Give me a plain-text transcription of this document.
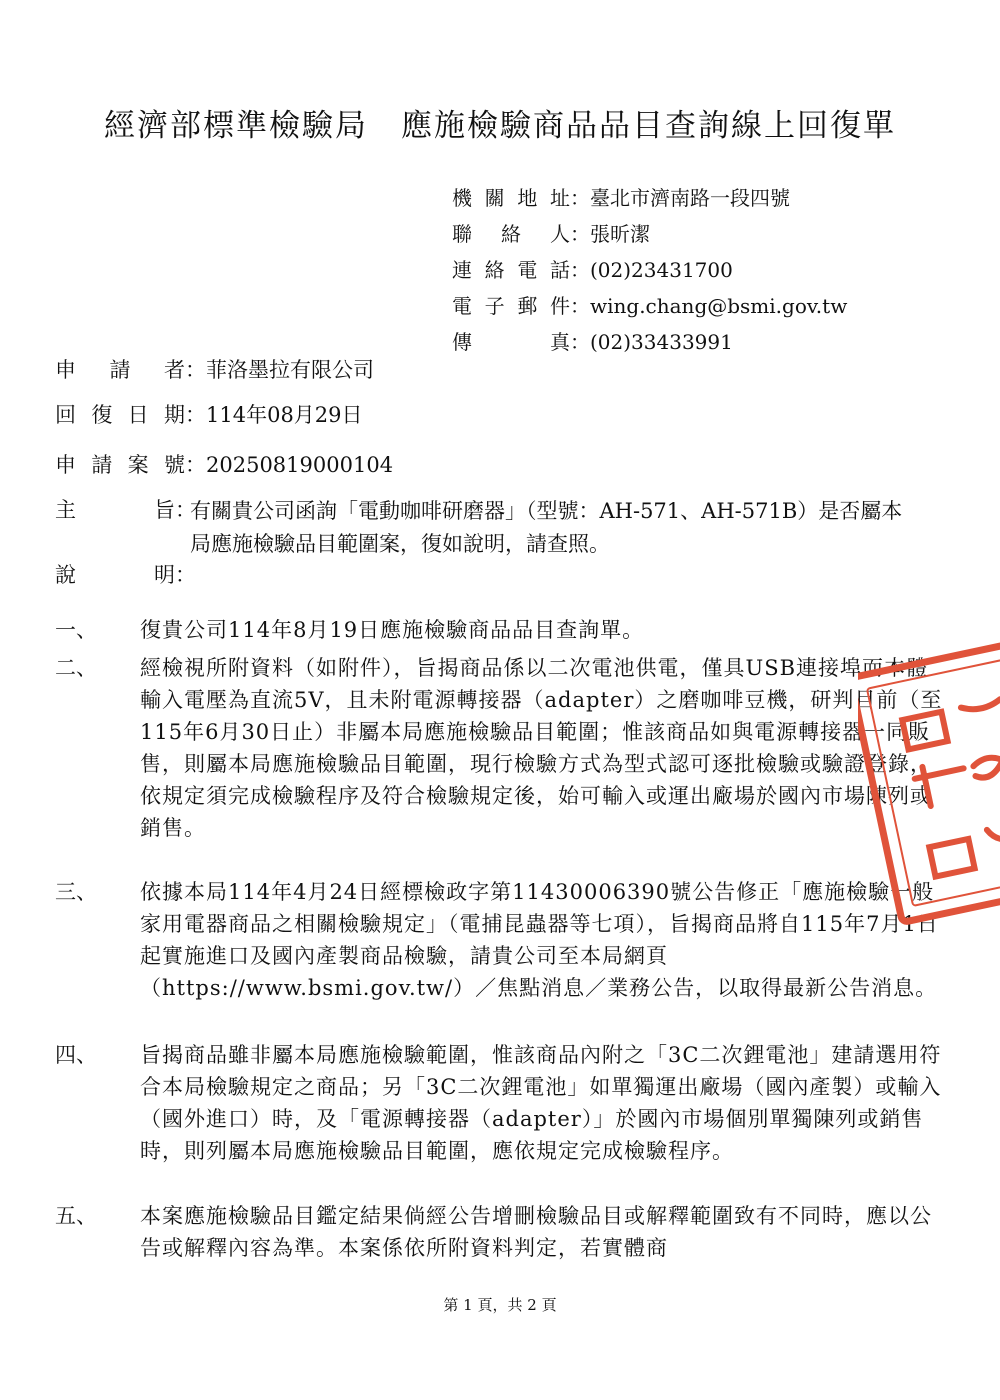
經濟部標準檢驗局　應施檢驗商品品目查詢線上回復單
機關地址：臺北市濟南路一段四號
聯絡人：張昕潔
連絡電話：(02)23431700
電子郵件：wing.chang@bsmi.gov.tw
傳真：(02)33433991
申請者：菲洛墨拉有限公司
回復日期：114年08月29日
申請案號：20250819000104
主旨：
有關貴公司函詢「電動咖啡研磨器」（型號：AH-571、AH-571B）是否屬本局應施檢驗品目範圍案，復如說明，請查照。
說明：
一、	復貴公司114年8月19日應施檢驗商品品目查詢單。
二、	經檢視所附資料（如附件），旨揭商品係以二次電池供電，僅具USB連接埠而本體輸入電壓為直流5V，且未附電源轉接器（adapter）之磨咖啡豆機，研判目前（至115年6月30日止）非屬本局應施檢驗品目範圍；惟該商品如與電源轉接器一同販售，則屬本局應施檢驗品目範圍，現行檢驗方式為型式認可逐批檢驗或驗證登錄，依規定須完成檢驗程序及符合檢驗規定後，始可輸入或運出廠場於國內市場陳列或銷售。
三、	依據本局114年4月24日經標檢政字第11430006390號公告修正「應施檢驗一般家用電器商品之相關檢驗規定」（電捕昆蟲器等七項），旨揭商品將自115年7月1日起實施進口及國內產製商品檢驗，請貴公司至本局網頁（https://www.bsmi.gov.tw/）／焦點消息／業務公告，以取得最新公告消息。
四、	旨揭商品雖非屬本局應施檢驗範圍，惟該商品內附之「3C二次鋰電池」建請選用符合本局檢驗規定之商品；另「3C二次鋰電池」如單獨運出廠場（國內產製）或輸入（國外進口）時，及「電源轉接器（adapter）」於國內市場個別單獨陳列或銷售時，則列屬本局應施檢驗品目範圍，應依規定完成檢驗程序。
五、	本案應施檢驗品目鑑定結果倘經公告增刪檢驗品目或解釋範圍致有不同時，應以公告或解釋內容為準。本案係依所附資料判定，若實體商
第 1 頁，共 2 頁
